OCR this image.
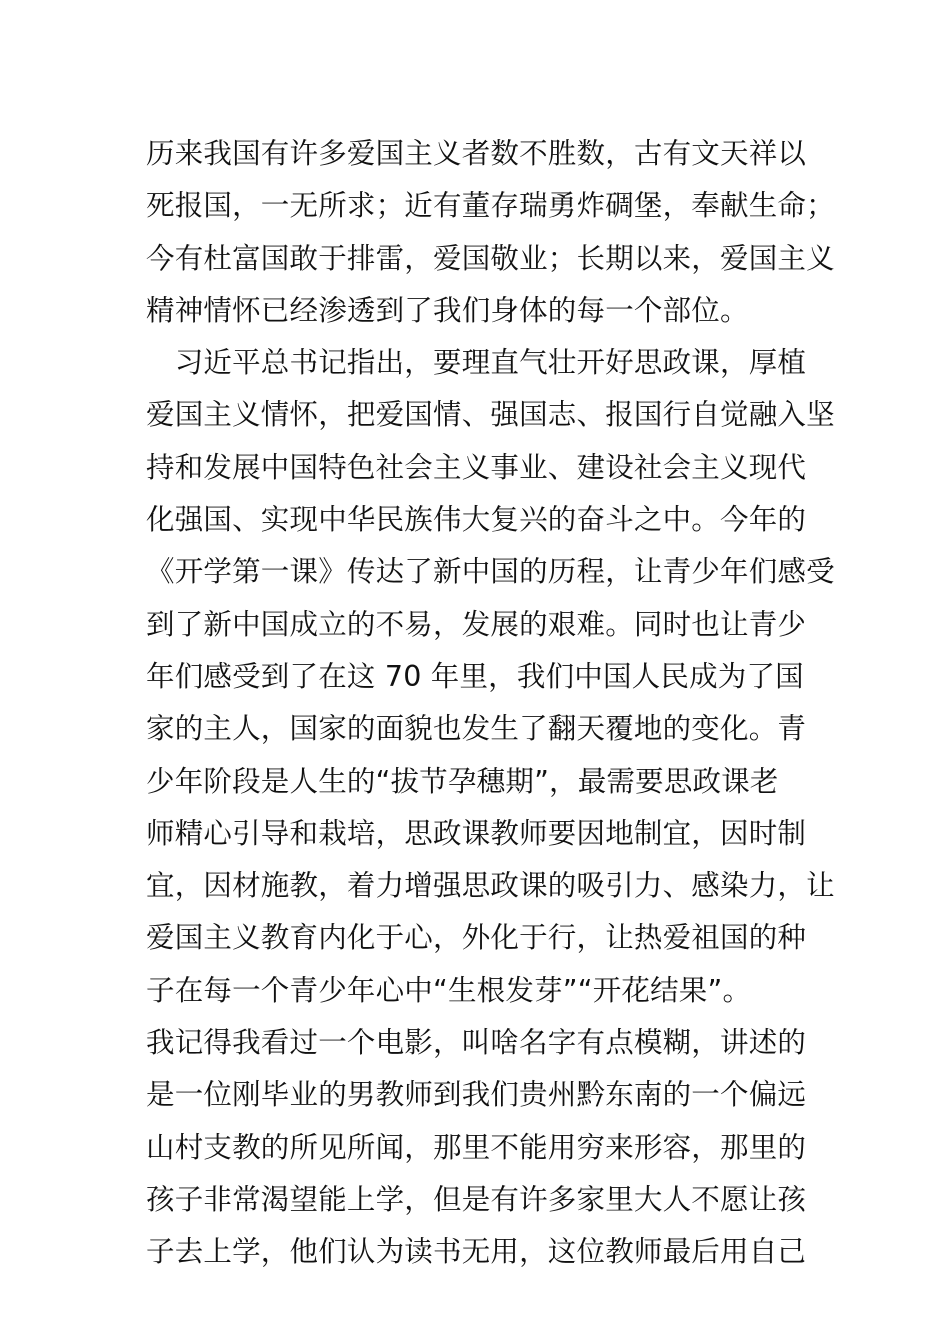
历来我国有许多爱国主义者数不胜数，古有文天祥以
死报国，一无所求；近有董存瑞勇炸碉堡，奉献生命；
今有杜富国敢于排雷，爱国敬业；长期以来，爱国主义
精神情怀已经渗透到了我们身体的每一个部位。
　习近平总书记指出，要理直气壮开好思政课，厚植
爱国主义情怀，把爱国情、强国志、报国行自觉融入坚
持和发展中国特色社会主义事业、建设社会主义现代
化强国、实现中华民族伟大复兴的奋斗之中。今年的
《开学第一课》传达了新中国的历程，让青少年们感受
到了新中国成立的不易，发展的艰难。同时也让青少
年们感受到了在这 70 年里，我们中国人民成为了国
家的主人，国家的面貌也发生了翻天覆地的变化。青
少年阶段是人生的“拔节孕穗期”，最需要思政课老
师精心引导和栽培，思政课教师要因地制宜，因时制
宜，因材施教，着力增强思政课的吸引力、感染力，让
爱国主义教育内化于心，外化于行，让热爱祖国的种
子在每一个青少年心中“生根发芽”“开花结果”。
我记得我看过一个电影，叫啥名字有点模糊，讲述的
是一位刚毕业的男教师到我们贵州黔东南的一个偏远
山村支教的所见所闻，那里不能用穷来形容，那里的
孩子非常渴望能上学，但是有许多家里大人不愿让孩
子去上学，他们认为读书无用，这位教师最后用自己
